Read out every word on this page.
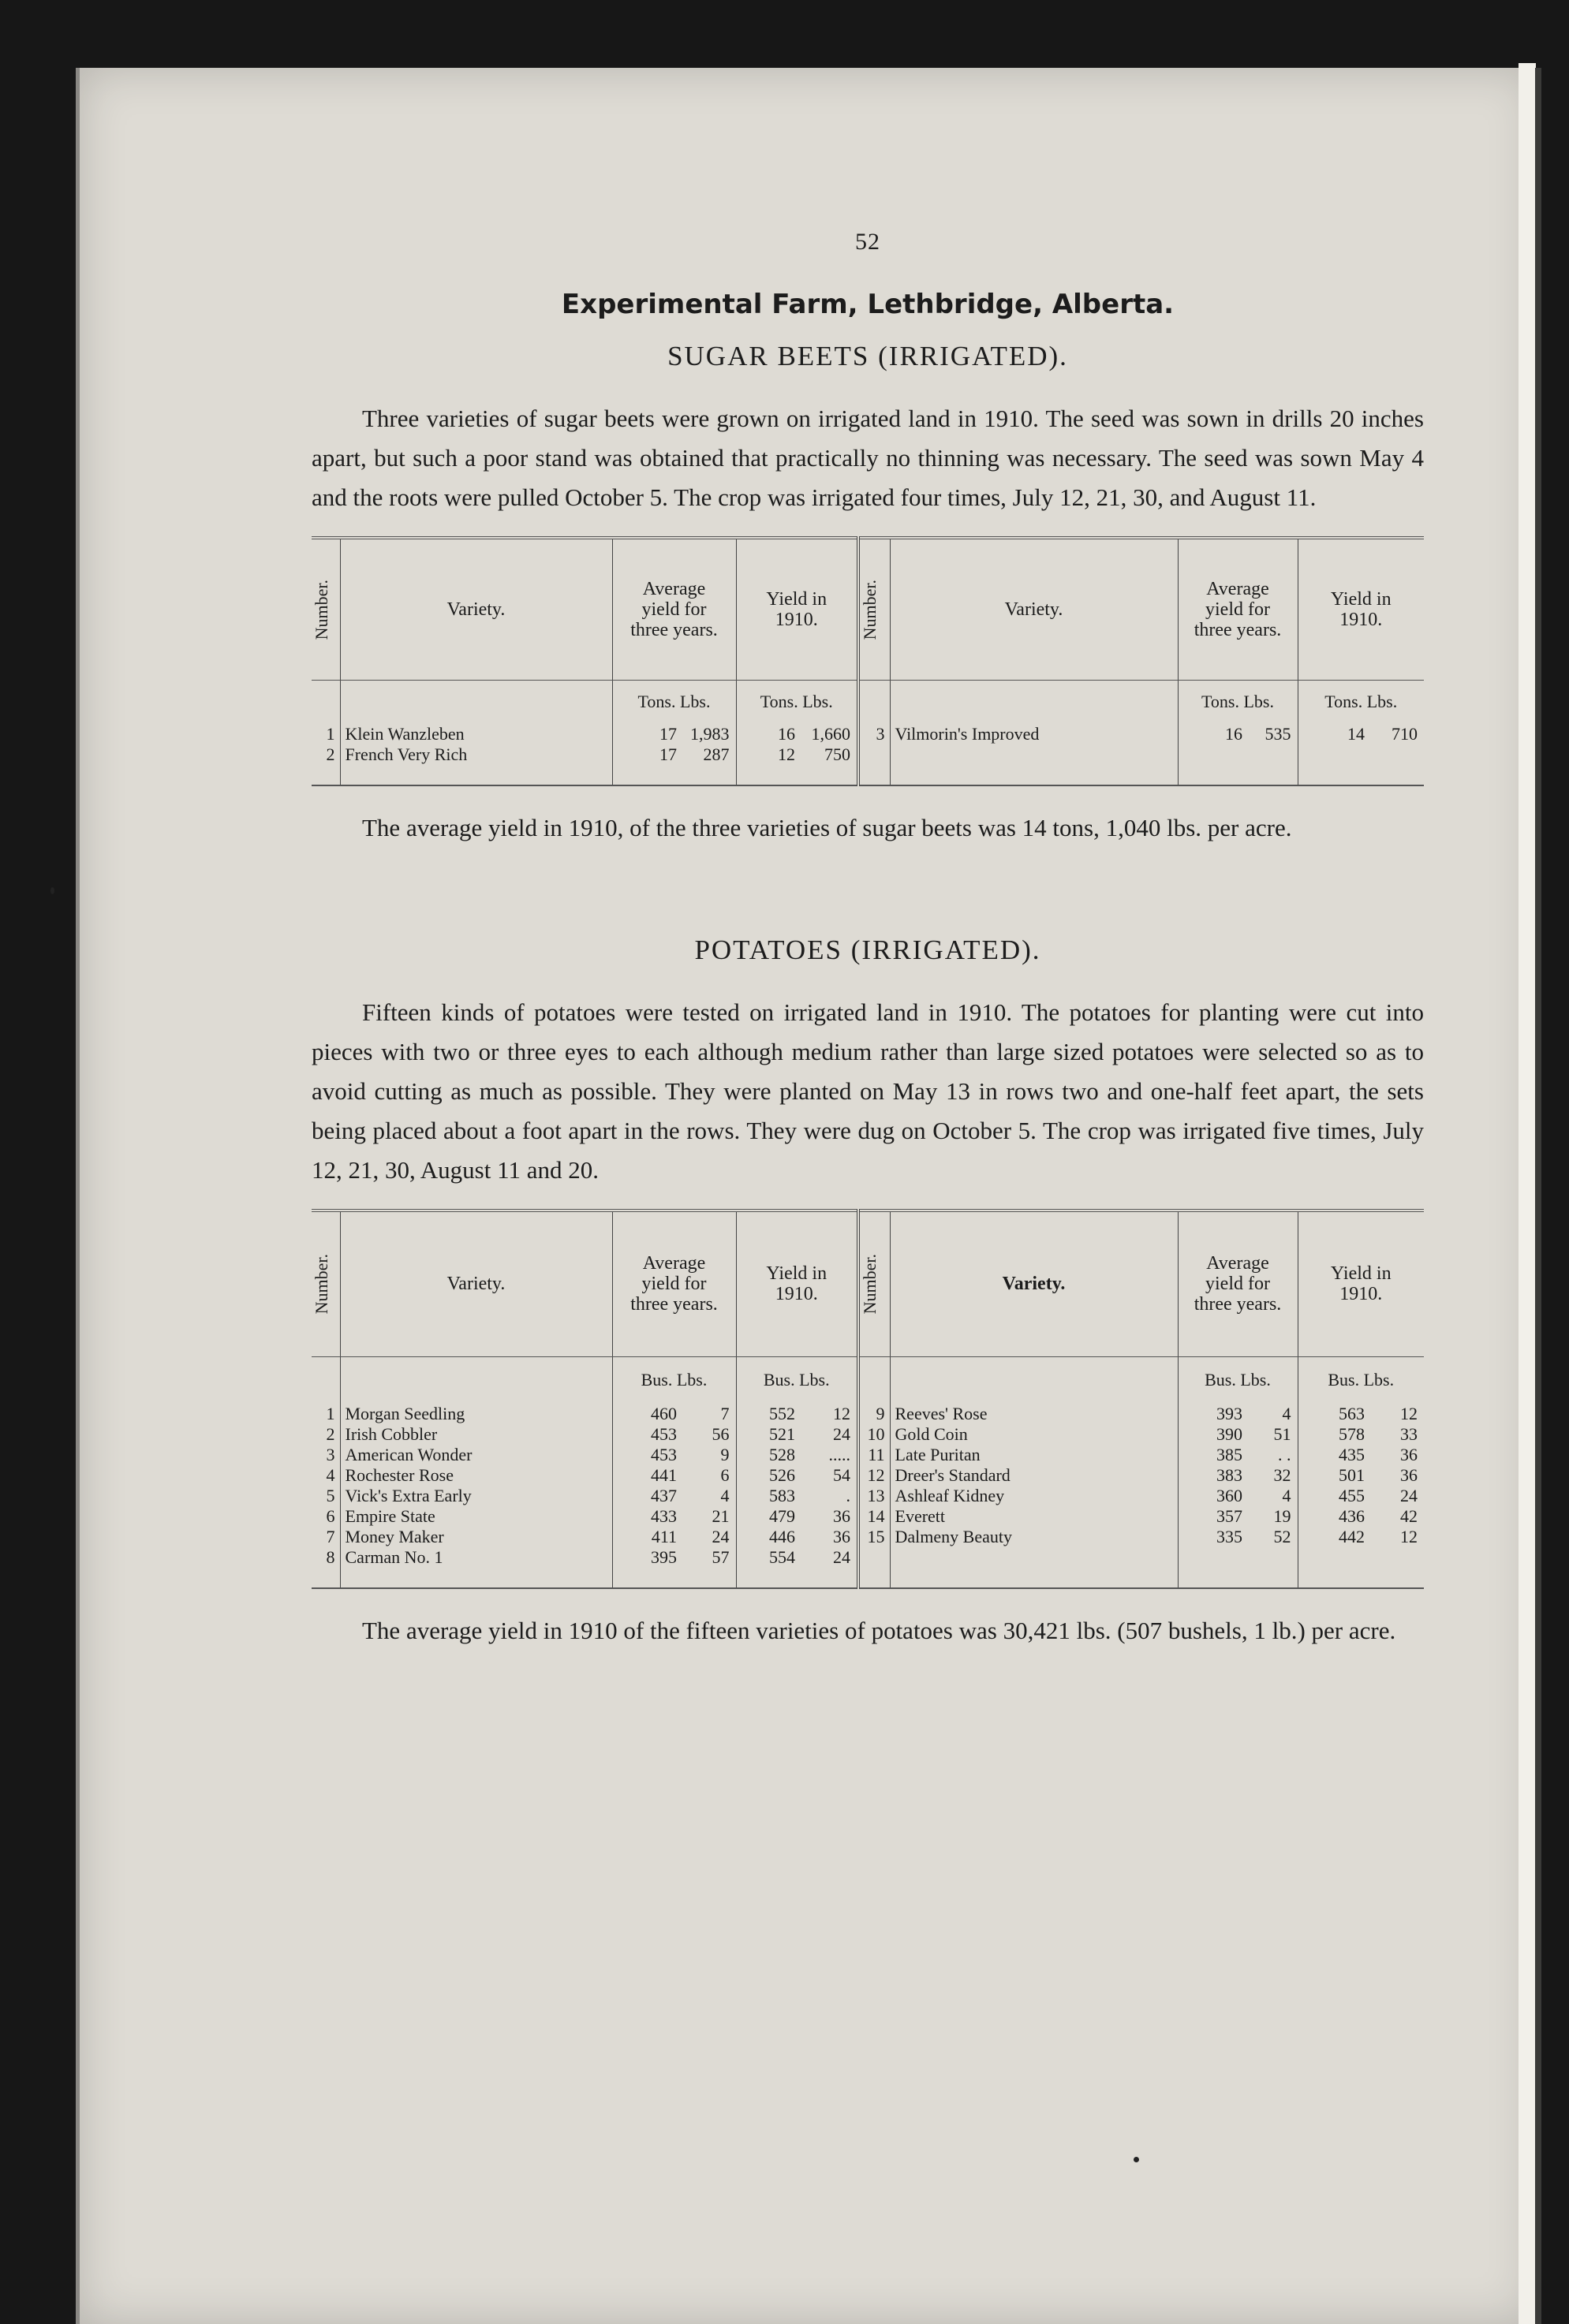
52
Experimental Farm, Lethbridge, Alberta.
SUGAR BEETS (IRRIGATED).

Three varieties of sugar beets were grown on irrigated land in 1910. The seed was sown in drills 20 inches apart, but such a poor stand was obtained that practically no thinning was necessary. The seed was sown May 4 and the roots were pulled October 5. The crop was irrigated four times, July 12, 21, 30, and August 11.

Number.	Variety.	Average yield for three years.		Yield in 1910.		Number.	Variety.	Average yield for three years.		Yield in 1910.	

		Tons. Lbs.		Tons. Lbs.				Tons. Lbs.		Tons. Lbs.	
1	Klein Wanzleben	17	1,983	16	1,660	3	Vilmorin's Improved	16	535	14	710
2	French Very Rich	17	287	12	750						

The average yield in 1910, of the three varieties of sugar beets was 14 tons, 1,040 lbs. per acre.

POTATOES (IRRIGATED).

Fifteen kinds of potatoes were tested on irrigated land in 1910. The potatoes for planting were cut into pieces with two or three eyes to each although medium rather than large sized potatoes were selected so as to avoid cutting as much as possible. They were planted on May 13 in rows two and one-half feet apart, the sets being placed about a foot apart in the rows. They were dug on October 5. The crop was irrigated five times, July 12, 21, 30, August 11 and 20.

Number.	Variety.	Average yield for three years.		Yield in 1910.		Number.	Variety.	Average yield for three years.		Yield in 1910.	

		Bus. Lbs.		Bus. Lbs.				Bus. Lbs.		Bus. Lbs.	
1	Morgan Seedling	460	7	552	12	9	Reeves' Rose	393	4	563	12
2	Irish Cobbler	453	56	521	24	10	Gold Coin	390	51	578	33
3	American Wonder	453	9	528	.....	11	Late Puritan	385	. .	435	36
4	Rochester Rose	441	6	526	54	12	Dreer's Standard	383	32	501	36
5	Vick's Extra Early	437	4	583	.	13	Ashleaf Kidney	360	4	455	24
6	Empire State	433	21	479	36	14	Everett	357	19	436	42
7	Money Maker	411	24	446	36	15	Dalmeny Beauty	335	52	442	12
8	Carman No. 1	395	57	554	24						

The average yield in 1910 of the fifteen varieties of potatoes was 30,421 lbs. (507 bushels, 1 lb.) per acre.
